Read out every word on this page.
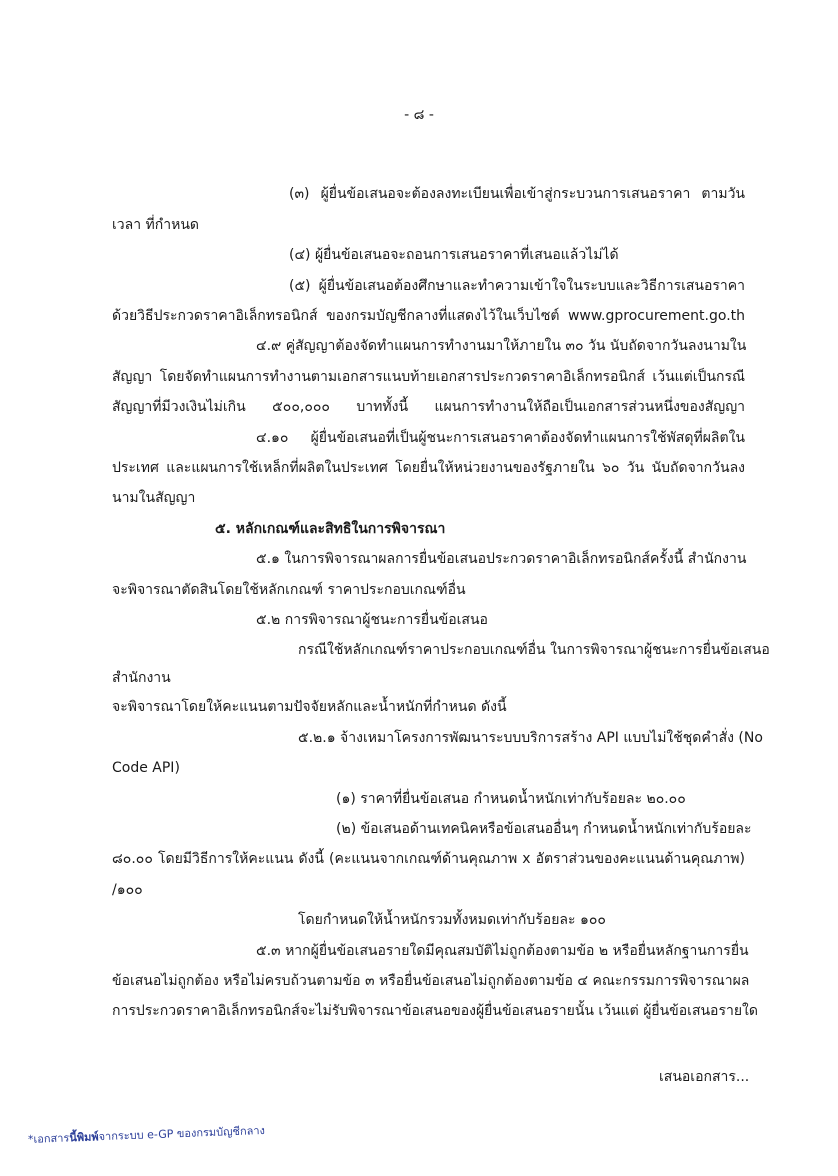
- ๘ -
(๓) ผู้ยื่นข้อเสนอจะต้องลงทะเบียนเพื่อเข้าสู่กระบวนการเสนอราคา ตามวัน
เวลา ที่กำหนด
(๔) ผู้ยื่นข้อเสนอจะถอนการเสนอราคาที่เสนอแล้วไม่ได้
(๕) ผู้ยื่นข้อเสนอต้องศึกษาและทำความเข้าใจในระบบและวิธีการเสนอราคา
ด้วยวิธีประกวดราคาอิเล็กทรอนิกส์ ของกรมบัญชีกลางที่แสดงไว้ในเว็บไซต์ www.gprocurement.go.th
๔.๙ คู่สัญญาต้องจัดทำแผนการทำงานมาให้ภายใน ๓๐ วัน นับถัดจากวันลงนามใน
สัญญา โดยจัดทำแผนการทำงานตามเอกสารแนบท้ายเอกสารประกวดราคาอิเล็กทรอนิกส์ เว้นแต่เป็นกรณี
สัญญาที่มีวงเงินไม่เกิน ๕๐๐,๐๐๐ บาททั้งนี้ แผนการทำงานให้ถือเป็นเอกสารส่วนหนึ่งของสัญญา
๔.๑๐ ผู้ยื่นข้อเสนอที่เป็นผู้ชนะการเสนอราคาต้องจัดทำแผนการใช้พัสดุที่ผลิตใน
ประเทศ และแผนการใช้เหล็กที่ผลิตในประเทศ โดยยื่นให้หน่วยงานของรัฐภายใน ๖๐ วัน นับถัดจากวันลง
นามในสัญญา
๕. หลักเกณฑ์และสิทธิในการพิจารณา
๕.๑ ในการพิจารณาผลการยื่นข้อเสนอประกวดราคาอิเล็กทรอนิกส์ครั้งนี้ สำนักงาน
จะพิจารณาตัดสินโดยใช้หลักเกณฑ์ ราคาประกอบเกณฑ์อื่น
๕.๒ การพิจารณาผู้ชนะการยื่นข้อเสนอ
กรณีใช้หลักเกณฑ์ราคาประกอบเกณฑ์อื่น ในการพิจารณาผู้ชนะการยื่นข้อเสนอ
สำนักงาน
จะพิจารณาโดยให้คะแนนตามปัจจัยหลักและน้ำหนักที่กำหนด ดังนี้
๕.๒.๑ จ้างเหมาโครงการพัฒนาระบบบริการสร้าง API แบบไม่ใช้ชุดคำสั่ง (No
Code API)
(๑) ราคาที่ยื่นข้อเสนอ กำหนดน้ำหนักเท่ากับร้อยละ ๒๐.๐๐
(๒) ข้อเสนอด้านเทคนิคหรือข้อเสนออื่นๆ กำหนดน้ำหนักเท่ากับร้อยละ
๘๐.๐๐ โดยมีวิธีการให้คะแนน ดังนี้ (คะแนนจากเกณฑ์ด้านคุณภาพ x อัตราส่วนของคะแนนด้านคุณภาพ)
/๑๐๐
โดยกำหนดให้น้ำหนักรวมทั้งหมดเท่ากับร้อยละ ๑๐๐
๕.๓ หากผู้ยื่นข้อเสนอรายใดมีคุณสมบัติไม่ถูกต้องตามข้อ ๒ หรือยื่นหลักฐานการยื่น
ข้อเสนอไม่ถูกต้อง หรือไม่ครบถ้วนตามข้อ ๓ หรือยื่นข้อเสนอไม่ถูกต้องตามข้อ ๔ คณะกรรมการพิจารณาผล
การประกวดราคาอิเล็กทรอนิกส์จะไม่รับพิจารณาข้อเสนอของผู้ยื่นข้อเสนอรายนั้น เว้นแต่ ผู้ยื่นข้อเสนอรายใด
เสนอเอกสาร...
*เอกสารนี้พิมพ์จากระบบ e-GP ของกรมบัญชีกลาง
